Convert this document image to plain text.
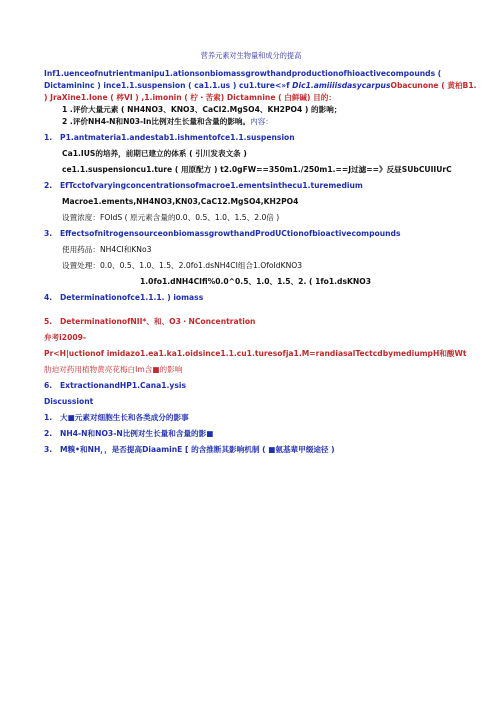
营养元素对生物量和成分的提高
Inf1.uenceofnutrientmanipu1.ationsonbiomassgrowthandproductionofhioactivecompounds (
Dictamininc ) ince1.1.suspension ( ca1.1.us ) cu1.ture<»f Dic1.amiiiisdasycarpusObacunone ( 黄柏B1.
) JraXine1.Ione ( 梣VI ) ,1.imonin ( 柠・苦索) Dictamnine ( 白鲜碱) 目的：
1 .评价大量元素 ( NH4NO3、KNO3、CaCI2.MgSO4、KH2PO4 ) 的影响；
2 .评价NH4-N和N03-In比例对生长量和含量的影响。内容：
1. P1.antmateria1.andestab1.ishmentofce1.1.suspension
Ca1.IUS的培养，前期已建立的体系 ( 引川发表文条 )
ce1.1.suspensioncu1.ture ( 用原配方 ) t2.0gFW==350m1./250m1.==J过滤==》反昼SUbCUIIUrC
2. EfTcctofvaryingconcentrationsofmacroe1.ementsinthecu1.turemedium
Macroe1.ements,NH4NO3,KN03,CaC12.MgSO4,KH2PO4
设置浓度：FOIdS ( 原元素含量的0.0、0.5、1.0、1.5、2.0倍 )
3. EffectsofnitrogensourceonbiomassgrowthandProdUCtionofbioactivecompounds
使用药品：NH4CI和KNo3
设置处理：0.0、0.5、1.0、1.5、2.0fo1.dsNH4CI组合1.OfoIdKNO3
1.0fo1.dNH4CIfi%0.0^0.5、1.0、1.5、2. ( 1fo1.dsKNO3
4. Determinationofce1.1.1. ) iomass
5. DeterminationofNII*、和、O3・NConcentration
弁考i2009-
Pr<H|uctionof imidazo1.ea1.ka1.oidsince1.1.cu1.turesofja1.M=randiasalTectcdbymediumpH和酸Wt
肋迫对药用植物黄亮花梅白Im含■的影响
6. ExtractionandHP1.Cana1.ysis
Discussiont
1. 大■元素对细胞生长和各类成分的影事
2. NH4-N和NO3-N比例对生长量和含量的影■
3. M糗•和NH，，是否提高DiaaminE [ 的含推断其影响机制 ( ■氨基辈甲缀途径 )
